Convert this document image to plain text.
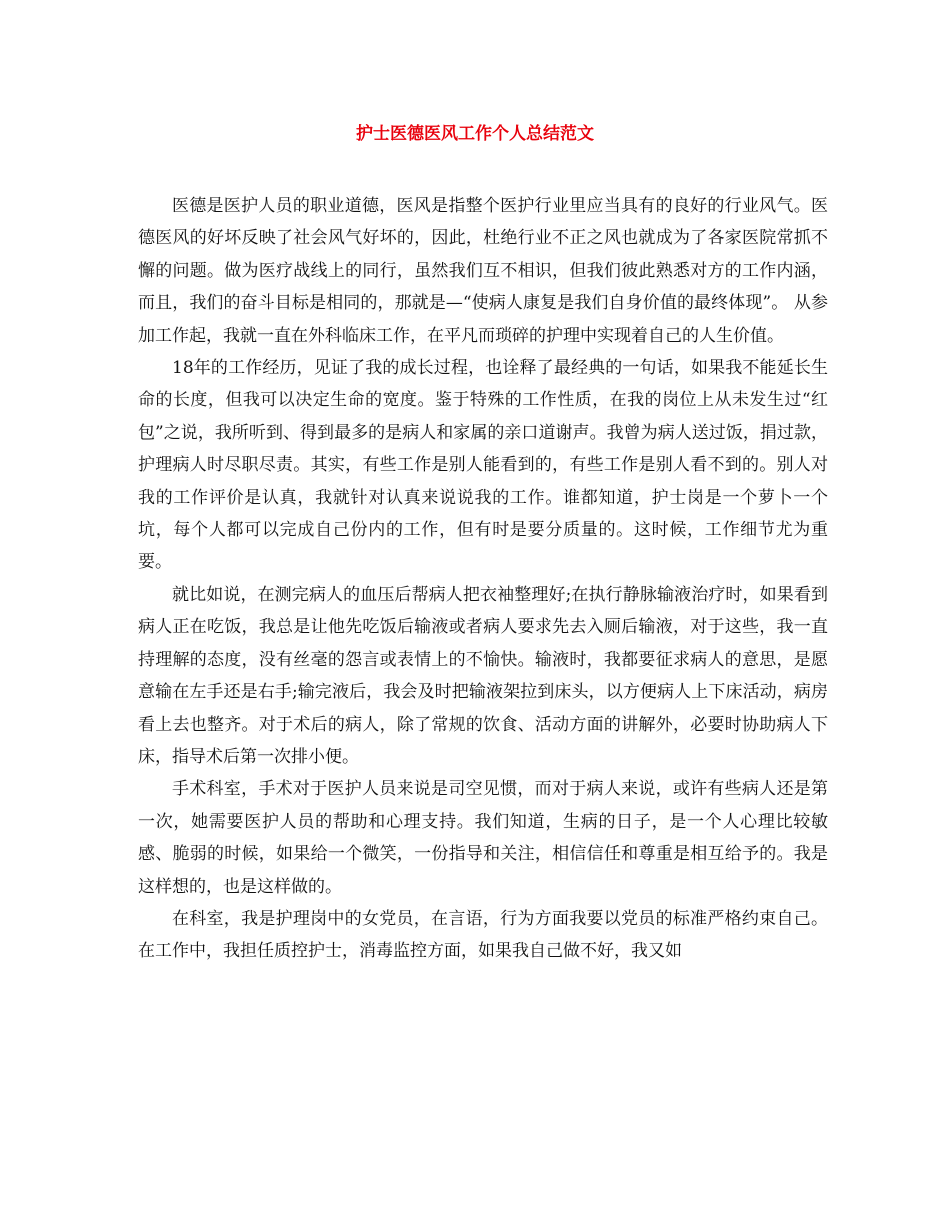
护士医德医风工作个人总结范文

医德是医护人员的职业道德，医风是指整个医护行业里应当具有的良好的行业风气。医德医风的好坏反映了社会风气好坏的，因此，杜绝行业不正之风也就成为了各家医院常抓不懈的问题。做为医疗战线上的同行，虽然我们互不相识，但我们彼此熟悉对方的工作内涵，而且，我们的奋斗目标是相同的，那就是—“使病人康复是我们自身价值的最终体现”。 从参加工作起，我就一直在外科临床工作，在平凡而琐碎的护理中实现着自己的人生价值。

18年的工作经历，见证了我的成长过程，也诠释了最经典的一句话，如果我不能延长生命的长度，但我可以决定生命的宽度。鉴于特殊的工作性质，在我的岗位上从未发生过“红包”之说，我所听到、得到最多的是病人和家属的亲口道谢声。我曾为病人送过饭，捐过款，护理病人时尽职尽责。其实，有些工作是别人能看到的，有些工作是别人看不到的。别人对我的工作评价是认真，我就针对认真来说说我的工作。谁都知道，护士岗是一个萝卜一个坑，每个人都可以完成自己份内的工作，但有时是要分质量的。这时候，工作细节尤为重要。

就比如说，在测完病人的血压后帮病人把衣袖整理好;在执行静脉输液治疗时，如果看到病人正在吃饭，我总是让他先吃饭后输液或者病人要求先去入厕后输液，对于这些，我一直持理解的态度，没有丝毫的怨言或表情上的不愉快。输液时，我都要征求病人的意思，是愿意输在左手还是右手;输完液后，我会及时把输液架拉到床头，以方便病人上下床活动，病房看上去也整齐。对于术后的病人，除了常规的饮食、活动方面的讲解外，必要时协助病人下床，指导术后第一次排小便。

手术科室，手术对于医护人员来说是司空见惯，而对于病人来说，或许有些病人还是第一次，她需要医护人员的帮助和心理支持。我们知道，生病的日子，是一个人心理比较敏感、脆弱的时候，如果给一个微笑，一份指导和关注，相信信任和尊重是相互给予的。我是这样想的，也是这样做的。

在科室，我是护理岗中的女党员，在言语，行为方面我要以党员的标准严格约束自己。在工作中，我担任质控护士，消毒监控方面，如果我自己做不好，我又如
